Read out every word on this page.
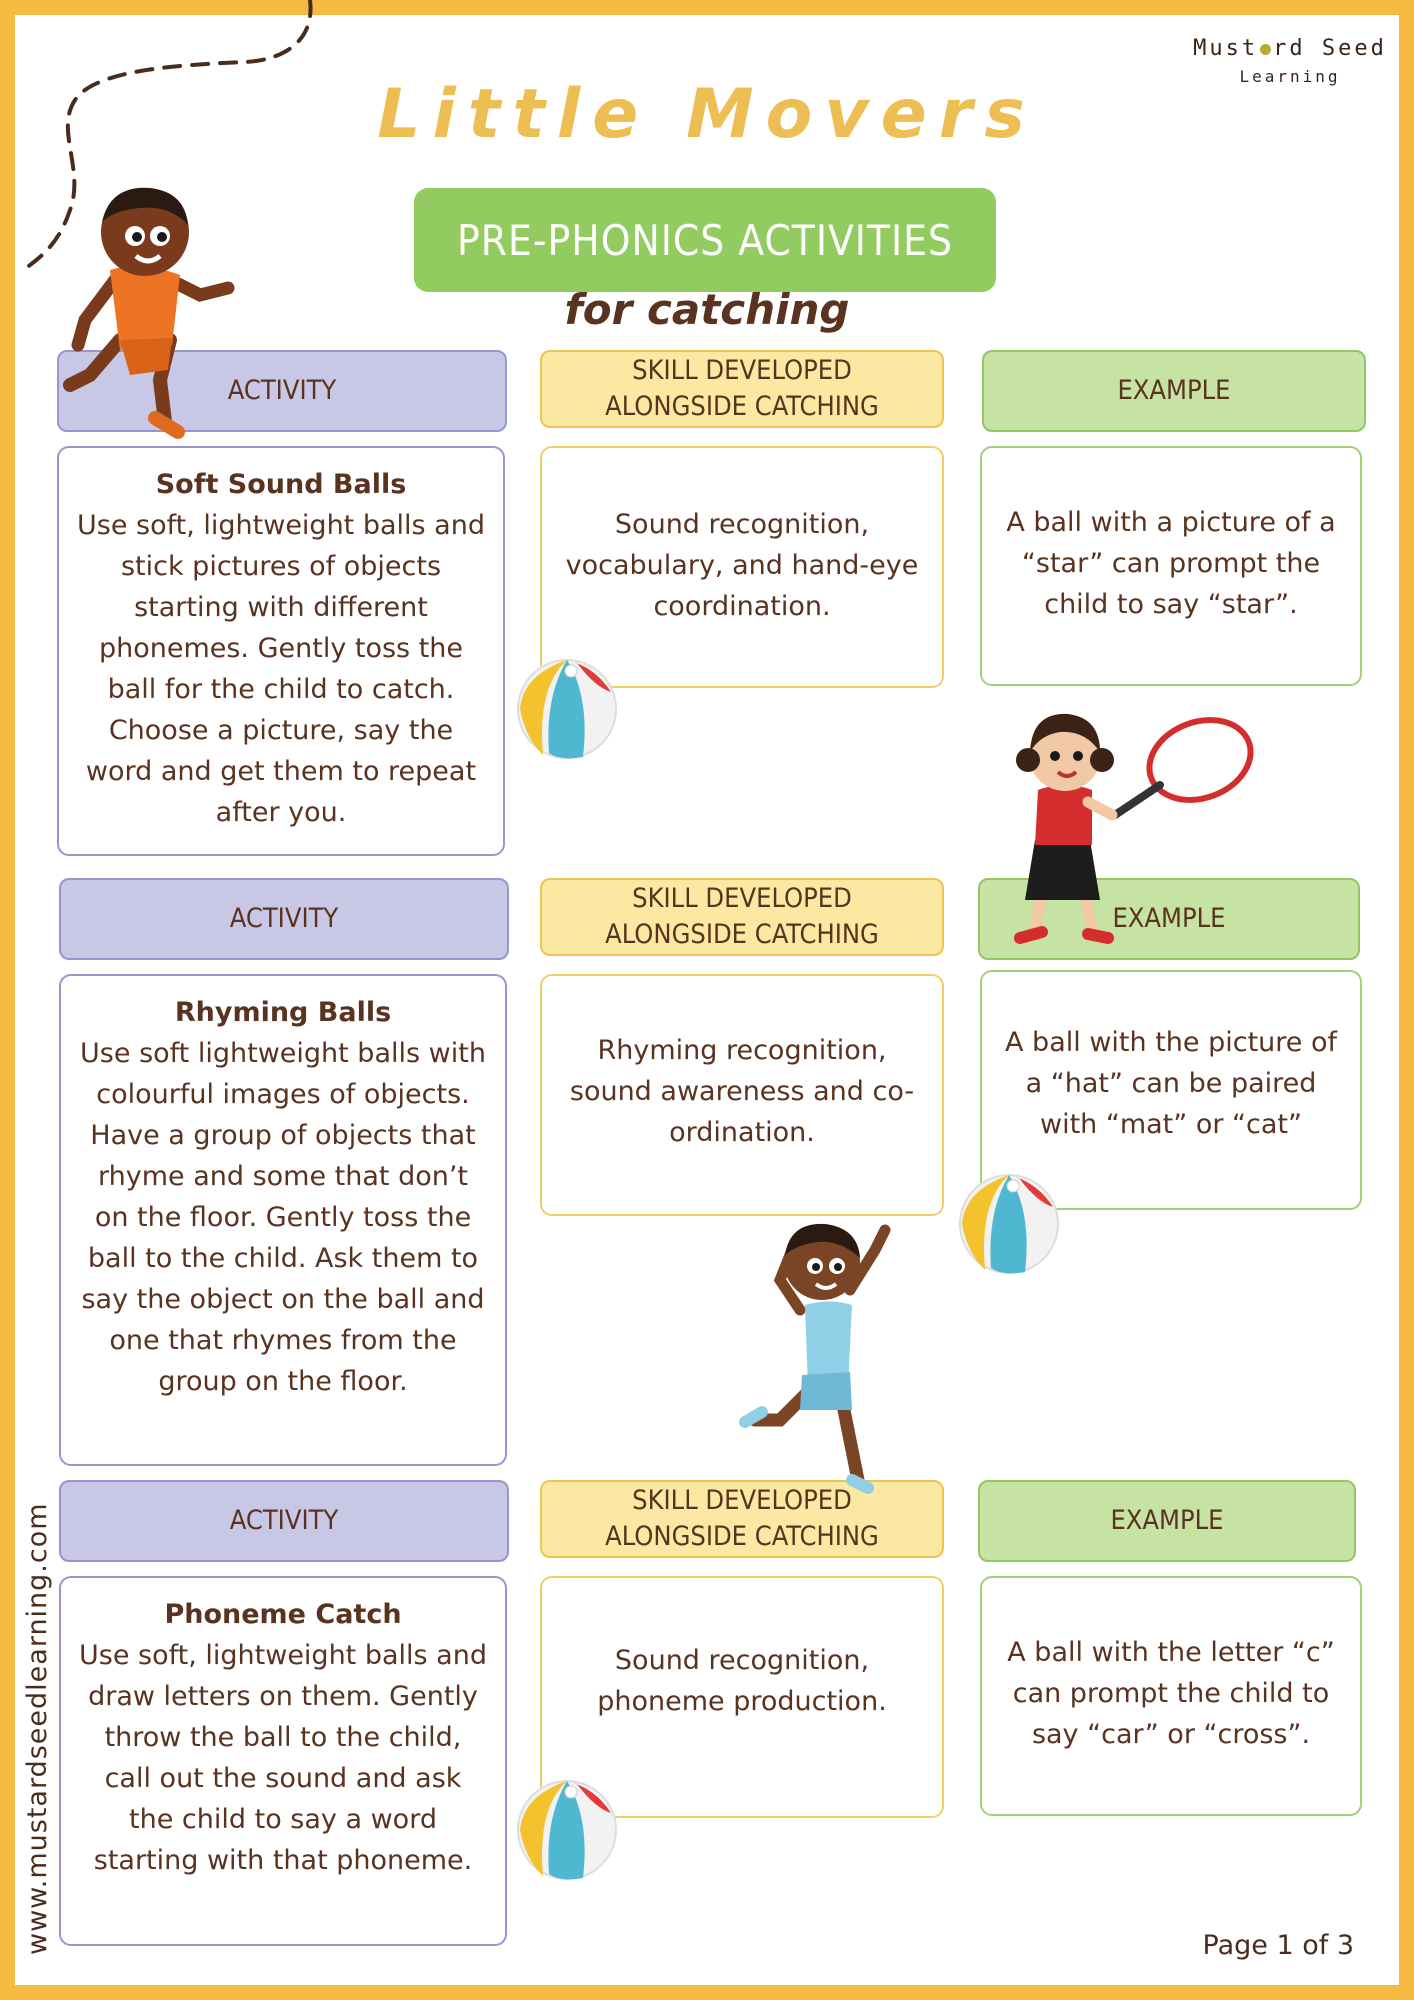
Must rd Seed
Learning
Little Movers
PRE-PHONICS ACTIVITIES
for catching
ACTIVITY
SKILL DEVELOPED ALONGSIDE CATCHING
EXAMPLE
Soft Sound Balls
Use soft, lightweight balls and stick pictures of objects starting with different phonemes. Gently toss the ball for the child to catch. Choose a picture, say the word and get them to repeat after you.
Sound recognition, vocabulary, and hand-eye coordination.
A ball with a picture of a “star” can prompt the child to say “star”.
ACTIVITY
SKILL DEVELOPED ALONGSIDE CATCHING
EXAMPLE
Rhyming Balls
Use soft lightweight balls with colourful images of objects. Have a group of objects that rhyme and some that don’t on the floor. Gently toss the ball to the child. Ask them to say the object on the ball and one that rhymes from the group on the floor.
Rhyming recognition, sound awareness and co-ordination.
A ball with the picture of a “hat” can be paired with “mat” or “cat”
ACTIVITY
SKILL DEVELOPED ALONGSIDE CATCHING
EXAMPLE
Phoneme Catch
Use soft, lightweight balls and draw letters on them. Gently throw the ball to the child, call out the sound and ask the child to say a word starting with that phoneme.
Sound recognition, phoneme production.
A ball with the letter “c” can prompt the child to say “car” or “cross”.
www.mustardseedlearning.com	Page 1 of 3
